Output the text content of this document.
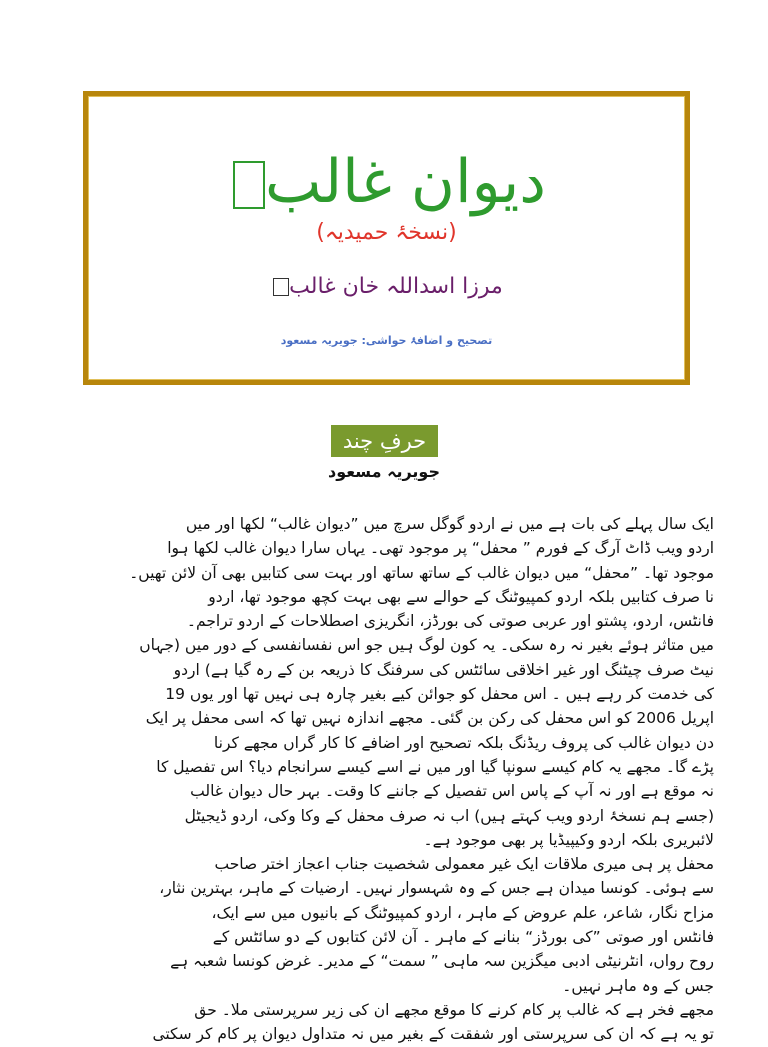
دیوان غالب
(نسخۂ حمیدیہ)
مرزا اسداللہ خان غالب
تصحیح و اضافۂ حواشی: جویریہ مسعود
حرفِ چند
جویریہ مسعود
ایک سال پہلے کی بات ہے میں نے اردو گوگل سرچ میں ”دیوان غالب“ لکھا اور میں
اردو ویب ڈاٹ آرگ کے فورم ” محفل“ پر موجود تھی۔ یہاں سارا دیوان غالب لکھا ہوا
موجود تھا۔ ”محفل“ میں دیوان غالب کے ساتھ ساتھ اور بہت سی کتابیں بھی آن لائن تھیں۔
نا صرف کتابیں بلکہ اردو کمپیوٹنگ کے حوالے سے بھی بہت کچھ موجود تھا، اردو
فانٹس، اردو، پشتو اور عربی صوتی کی بورڈز، انگریزی اصطلاحات کے اردو تراجم۔
میں متاثر ہوئے بغیر نہ رہ سکی۔ یہ کون لوگ ہیں جو اس نفسانفسی کے دور میں (جہاں
نیٹ صرف چیٹنگ اور غیر اخلاقی سائٹس کی سرفنگ کا ذریعہ بن کے رہ گیا ہے) اردو
کی خدمت کر رہے ہیں ۔ اس محفل کو جوائن کیے بغیر چارہ ہی نہیں تھا اور یوں 19
اپریل 2006 کو اس محفل کی رکن بن گئی۔ مجھے اندازہ نہیں تھا کہ اسی محفل پر ایک
دن دیوان غالب کی پروف ریڈنگ بلکہ تصحیح اور اضافے کا کار گراں مجھے کرنا
پڑے گا۔ مجھے یہ کام کیسے سونپا گیا اور میں نے اسے کیسے سرانجام دیا؟ اس تفصیل کا
نہ موقع ہے اور نہ آپ کے پاس اس تفصیل کے جاننے کا وقت۔ بہر حال دیوان غالب
(جسے ہم نسخۂ اردو ویب کہتے ہیں) اب نہ صرف محفل کے وکا وکی، اردو ڈیجیٹل
لائبریری بلکہ اردو وکیپیڈیا پر بھی موجود ہے۔
محفل پر ہی میری ملاقات ایک غیر معمولی شخصیت جناب اعجاز اختر صاحب
سے ہوئی۔ کونسا میدان ہے جس کے وہ شہسوار نہیں۔ ارضیات کے ماہر، بہترین نثار،
مزاح نگار، شاعر، علم عروض کے ماہر ، اردو کمپیوٹنگ کے بانیوں میں سے ایک،
فانٹس اور صوتی ”کی بورڈز“ بنانے کے ماہر ۔ آن لائن کتابوں کے دو سائٹس کے
روح رواں، انٹرنیٹی ادبی میگزین سہ ماہی ” سمت“ کے مدیر۔ غرض کونسا شعبہ ہے
جس کے وہ ماہر نہیں۔
مجھے فخر ہے کہ غالب پر کام کرنے کا موقع مجھے ان کی زیر سرپرستی ملا۔ حق
تو یہ ہے کہ ان کی سرپرستی اور شفقت کے بغیر میں نہ متداول دیوان پر کام کر سکتی
